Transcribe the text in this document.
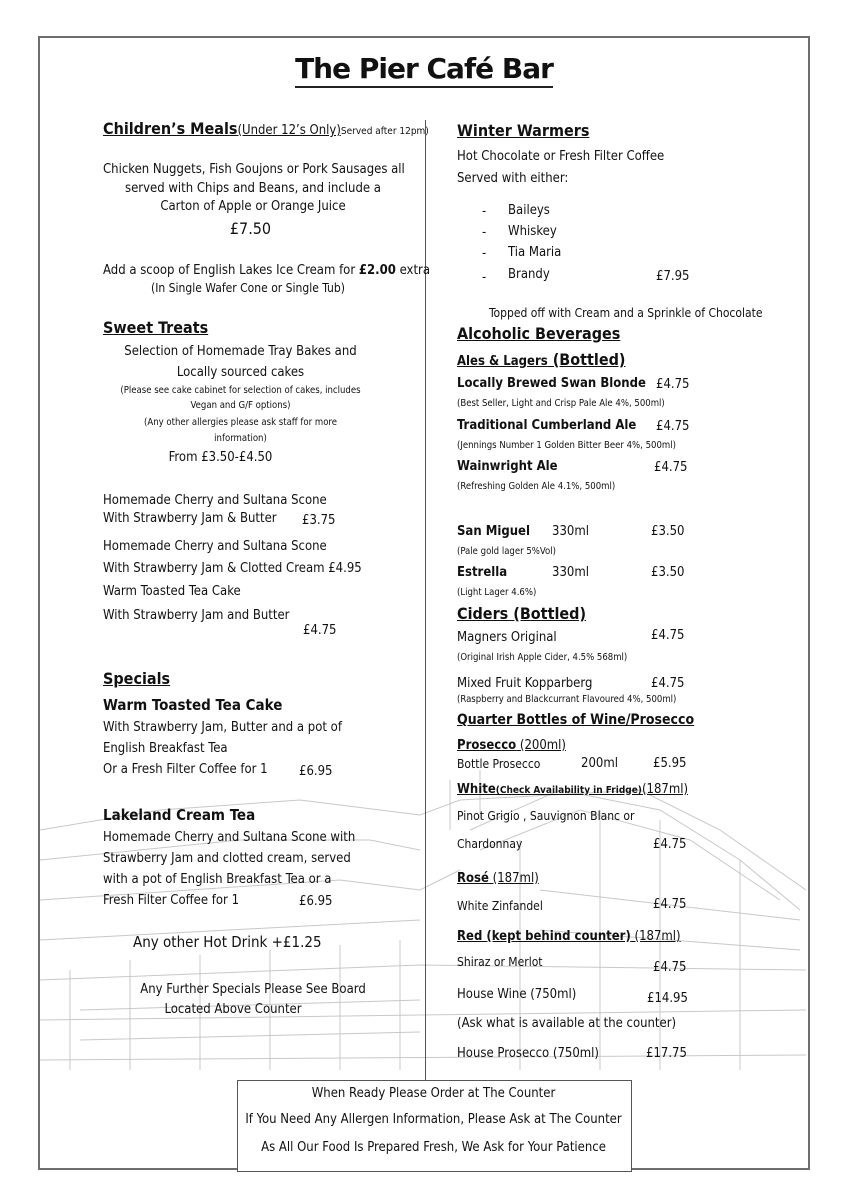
The Pier Café Bar
Children’s Meals(Under 12’s Only)Served after 12pm)
Chicken Nuggets, Fish Goujons or Pork Sausages all
served with Chips and Beans, and include a
Carton of Apple or Orange Juice
£7.50
Add a scoop of English Lakes Ice Cream for £2.00 extra
(In Single Wafer Cone or Single Tub)
Sweet Treats
Selection of Homemade Tray Bakes and
Locally sourced cakes
(Please see cake cabinet for selection of cakes, includes
Vegan and G/F options)
(Any other allergies please ask staff for more
information)
From £3.50-£4.50
Homemade Cherry and Sultana Scone
With Strawberry Jam & Butter £3.75
Homemade Cherry and Sultana Scone
With Strawberry Jam & Clotted Cream £4.95
Warm Toasted Tea Cake
With Strawberry Jam and Butter
£4.75
Specials
Warm Toasted Tea Cake
With Strawberry Jam, Butter and a pot of
English Breakfast Tea
Or a Fresh Filter Coffee for 1 £6.95
Lakeland Cream Tea
Homemade Cherry and Sultana Scone with
Strawberry Jam and clotted cream, served
with a pot of English Breakfast Tea or a
Fresh Filter Coffee for 1	£6.95
Any other Hot Drink +£1.25
Any Further Specials Please See Board
Located Above Counter
Winter Warmers
Hot Chocolate or Fresh Filter Coffee
Served with either:
- Baileys
- Whiskey
- Tia Maria
- Brandy	£7.95
Topped off with Cream and a Sprinkle of Chocolate
Alcoholic Beverages
Ales & Lagers (Bottled)
Locally Brewed Swan Blonde £4.75
(Best Seller, Light and Crisp Pale Ale 4%, 500ml)
Traditional Cumberland Ale £4.75
(Jennings Number 1 Golden Bitter Beer 4%, 500ml)
Wainwright Ale	£4.75
(Refreshing Golden Ale 4.1%, 500ml)
San Miguel 330ml	£3.50
(Pale gold lager 5%Vol)
Estrella	330ml	£3.50
(Light Lager 4.6%)
Ciders (Bottled)
Magners Original	£4.75
(Original Irish Apple Cider, 4.5% 568ml)
Mixed Fruit Kopparberg	£4.75
(Raspberry and Blackcurrant Flavoured 4%, 500ml)
Quarter Bottles of Wine/Prosecco
Prosecco (200ml)
Bottle Prosecco	200ml	£5.95
White(Check Availability in Fridge)(187ml)
Pinot Grigio , Sauvignon Blanc or
Chardonnay	£4.75
Rosé (187ml)
White Zinfandel	£4.75
Red (kept behind counter) (187ml)
Shiraz or Merlot	£4.75
House Wine (750ml)	£14.95
(Ask what is available at the counter)
House Prosecco (750ml)	£17.75
When Ready Please Order at The Counter
If You Need Any Allergen Information, Please Ask at The Counter
As All Our Food Is Prepared Fresh, We Ask for Your Patience
